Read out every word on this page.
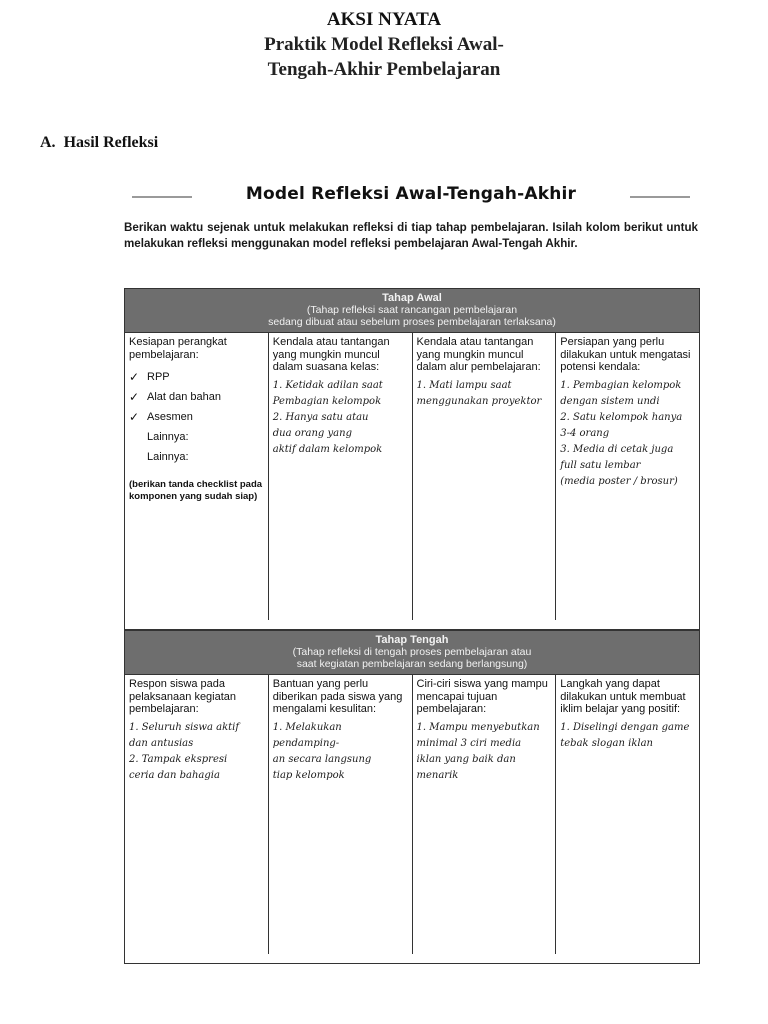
AKSI NYATA
Praktik Model Refleksi Awal-
Tengah-Akhir Pembelajaran
A. Hasil Refleksi
Model Refleksi Awal-Tengah-Akhir
Berikan waktu sejenak untuk melakukan refleksi di tiap tahap pembelajaran. Isilah kolom berikut untuk melakukan refleksi menggunakan model refleksi pembelajaran Awal-Tengah Akhir.
Tahap Awal
(Tahap refleksi saat rancangan pembelajaran
sedang dibuat atau sebelum proses pembelajaran terlaksana)
Kesiapan perangkat pembelajaran:
✓ RPP
✓ Alat dan bahan
✓ Asesmen
Lainnya:
Lainnya:
(berikan tanda checklist pada komponen yang sudah siap)
Kendala atau tantangan yang mungkin muncul dalam suasana kelas:
1. Ketidak adilan saat
Pembagian kelompok
2. Hanya satu atau
dua orang yang
aktif dalam kelompok
Kendala atau tantangan yang mungkin muncul dalam alur pembelajaran:
1. Mati lampu saat
menggunakan proyektor
Persiapan yang perlu dilakukan untuk mengatasi potensi kendala:
1. Pembagian kelompok
dengan sistem undi
2. Satu kelompok hanya
3-4 orang
3. Media di cetak juga
full satu lembar
(media poster / brosur)
Tahap Tengah
(Tahap refleksi di tengah proses pembelajaran atau
saat kegiatan pembelajaran sedang berlangsung)
Respon siswa pada pelaksanaan kegiatan pembelajaran:
1. Seluruh siswa aktif
dan antusias
2. Tampak ekspresi
ceria dan bahagia
Bantuan yang perlu diberikan pada siswa yang mengalami kesulitan:
1. Melakukan pendamping-
an secara langsung
tiap kelompok
Ciri-ciri siswa yang mampu mencapai tujuan pembelajaran:
1. Mampu menyebutkan
minimal 3 ciri media
iklan yang baik dan
menarik
Langkah yang dapat dilakukan untuk membuat iklim belajar yang positif:
1. Diselingi dengan game
tebak slogan iklan
